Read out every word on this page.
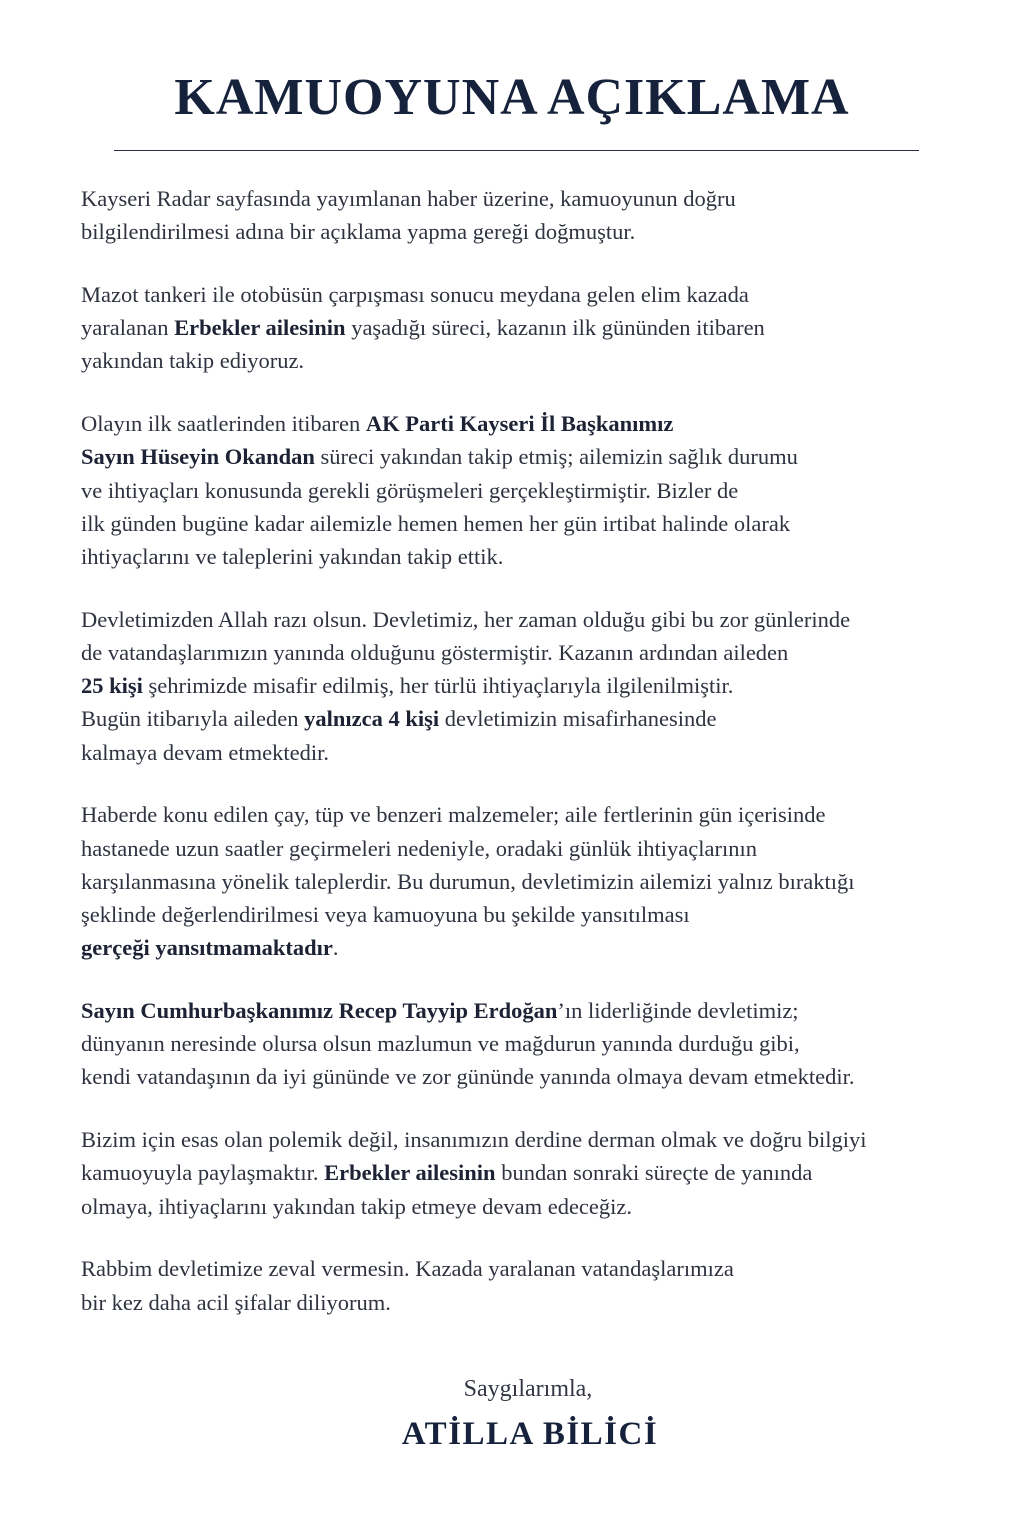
KAMUOYUNA AÇIKLAMA

Kayseri Radar sayfasında yayımlanan haber üzerine, kamuoyunun doğru
bilgilendirilmesi adına bir açıklama yapma gereği doğmuştur.

Mazot tankeri ile otobüsün çarpışması sonucu meydana gelen elim kazada
yaralanan Erbekler ailesinin yaşadığı süreci, kazanın ilk gününden itibaren
yakından takip ediyoruz.

Olayın ilk saatlerinden itibaren AK Parti Kayseri İl Başkanımız
Sayın Hüseyin Okandan süreci yakından takip etmiş; ailemizin sağlık durumu
ve ihtiyaçları konusunda gerekli görüşmeleri gerçekleştirmiştir. Bizler de
ilk günden bugüne kadar ailemizle hemen hemen her gün irtibat halinde olarak
ihtiyaçlarını ve taleplerini yakından takip ettik.

Devletimizden Allah razı olsun. Devletimiz, her zaman olduğu gibi bu zor günlerinde
de vatandaşlarımızın yanında olduğunu göstermiştir. Kazanın ardından aileden
25 kişi şehrimizde misafir edilmiş, her türlü ihtiyaçlarıyla ilgilenilmiştir.
Bugün itibarıyla aileden yalnızca 4 kişi devletimizin misafirhanesinde
kalmaya devam etmektedir.

Haberde konu edilen çay, tüp ve benzeri malzemeler; aile fertlerinin gün içerisinde
hastanede uzun saatler geçirmeleri nedeniyle, oradaki günlük ihtiyaçlarının
karşılanmasına yönelik taleplerdir. Bu durumun, devletimizin ailemizi yalnız bıraktığı
şeklinde değerlendirilmesi veya kamuoyuna bu şekilde yansıtılması
gerçeği yansıtmamaktadır.

Sayın Cumhurbaşkanımız Recep Tayyip Erdoğan’ın liderliğinde devletimiz;
dünyanın neresinde olursa olsun mazlumun ve mağdurun yanında durduğu gibi,
kendi vatandaşının da iyi gününde ve zor gününde yanında olmaya devam etmektedir.

Bizim için esas olan polemik değil, insanımızın derdine derman olmak ve doğru bilgiyi
kamuoyuyla paylaşmaktır. Erbekler ailesinin bundan sonraki süreçte de yanında
olmaya, ihtiyaçlarını yakından takip etmeye devam edeceğiz.

Rabbim devletimize zeval vermesin. Kazada yaralanan vatandaşlarımıza
bir kez daha acil şifalar diliyorum.

Saygılarımla,
ATİLLA BİLİCİ
